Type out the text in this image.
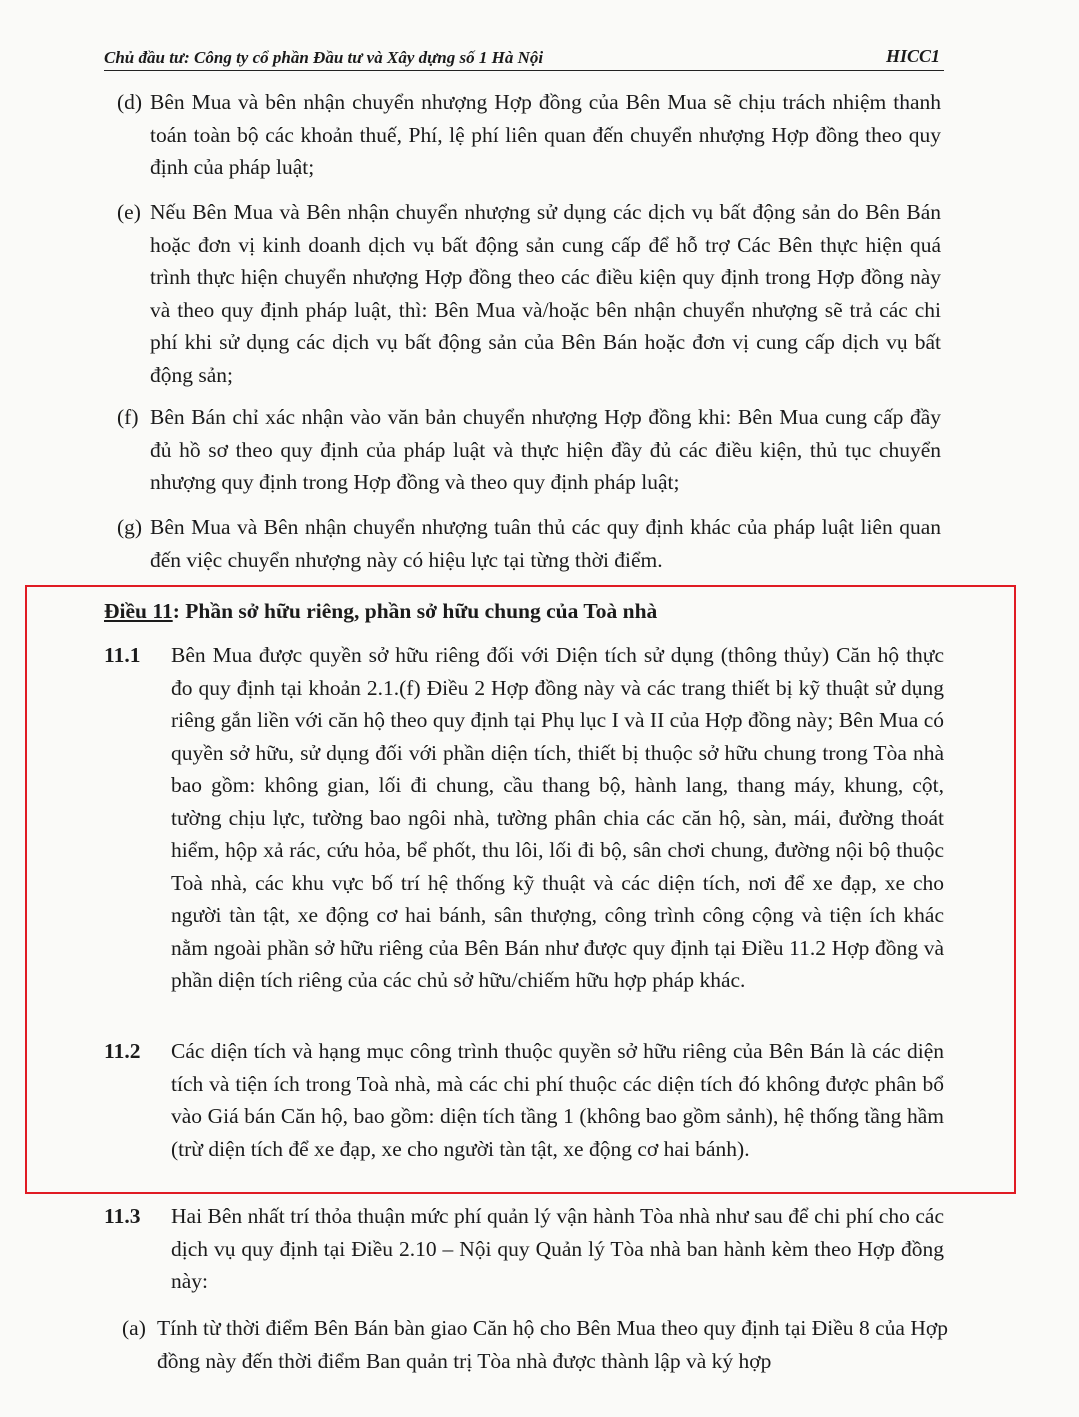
Chủ đầu tư: Công ty cổ phần Đầu tư và Xây dựng số 1 Hà Nội	HICC1
(d) Bên Mua và bên nhận chuyển nhượng Hợp đồng của Bên Mua sẽ chịu trách nhiệm thanh toán toàn bộ các khoản thuế, Phí, lệ phí liên quan đến chuyển nhượng Hợp đồng theo quy định của pháp luật;
(e) Nếu Bên Mua và Bên nhận chuyển nhượng sử dụng các dịch vụ bất động sản do Bên Bán hoặc đơn vị kinh doanh dịch vụ bất động sản cung cấp để hỗ trợ Các Bên thực hiện quá trình thực hiện chuyển nhượng Hợp đồng theo các điều kiện quy định trong Hợp đồng này và theo quy định pháp luật, thì: Bên Mua và/hoặc bên nhận chuyển nhượng sẽ trả các chi phí khi sử dụng các dịch vụ bất động sản của Bên Bán hoặc đơn vị cung cấp dịch vụ bất động sản;
(f) Bên Bán chỉ xác nhận vào văn bản chuyển nhượng Hợp đồng khi: Bên Mua cung cấp đầy đủ hồ sơ theo quy định của pháp luật và thực hiện đầy đủ các điều kiện, thủ tục chuyển nhượng quy định trong Hợp đồng và theo quy định pháp luật;
(g) Bên Mua và Bên nhận chuyển nhượng tuân thủ các quy định khác của pháp luật liên quan đến việc chuyển nhượng này có hiệu lực tại từng thời điểm.
Điều 11: Phần sở hữu riêng, phần sở hữu chung của Toà nhà
11.1 Bên Mua được quyền sở hữu riêng đối với Diện tích sử dụng (thông thủy) Căn hộ thực đo quy định tại khoản 2.1.(f) Điều 2 Hợp đồng này và các trang thiết bị kỹ thuật sử dụng riêng gắn liền với căn hộ theo quy định tại Phụ lục I và II của Hợp đồng này; Bên Mua có quyền sở hữu, sử dụng đối với phần diện tích, thiết bị thuộc sở hữu chung trong Tòa nhà bao gồm: không gian, lối đi chung, cầu thang bộ, hành lang, thang máy, khung, cột, tường chịu lực, tường bao ngôi nhà, tường phân chia các căn hộ, sàn, mái, đường thoát hiểm, hộp xả rác, cứu hỏa, bể phốt, thu lôi, lối đi bộ, sân chơi chung, đường nội bộ thuộc Toà nhà, các khu vực bố trí hệ thống kỹ thuật và các diện tích, nơi để xe đạp, xe cho người tàn tật, xe động cơ hai bánh, sân thượng, công trình công cộng và tiện ích khác nằm ngoài phần sở hữu riêng của Bên Bán như được quy định tại Điều 11.2 Hợp đồng và phần diện tích riêng của các chủ sở hữu/chiếm hữu hợp pháp khác.
11.2 Các diện tích và hạng mục công trình thuộc quyền sở hữu riêng của Bên Bán là các diện tích và tiện ích trong Toà nhà, mà các chi phí thuộc các diện tích đó không được phân bổ vào Giá bán Căn hộ, bao gồm: diện tích tầng 1 (không bao gồm sảnh), hệ thống tầng hầm (trừ diện tích để xe đạp, xe cho người tàn tật, xe động cơ hai bánh).
11.3 Hai Bên nhất trí thỏa thuận mức phí quản lý vận hành Tòa nhà như sau để chi phí cho các dịch vụ quy định tại Điều 2.10 – Nội quy Quản lý Tòa nhà ban hành kèm theo Hợp đồng này:
(a) Tính từ thời điểm Bên Bán bàn giao Căn hộ cho Bên Mua theo quy định tại Điều 8 của Hợp đồng này đến thời điểm Ban quản trị Tòa nhà được thành lập và ký hợp
